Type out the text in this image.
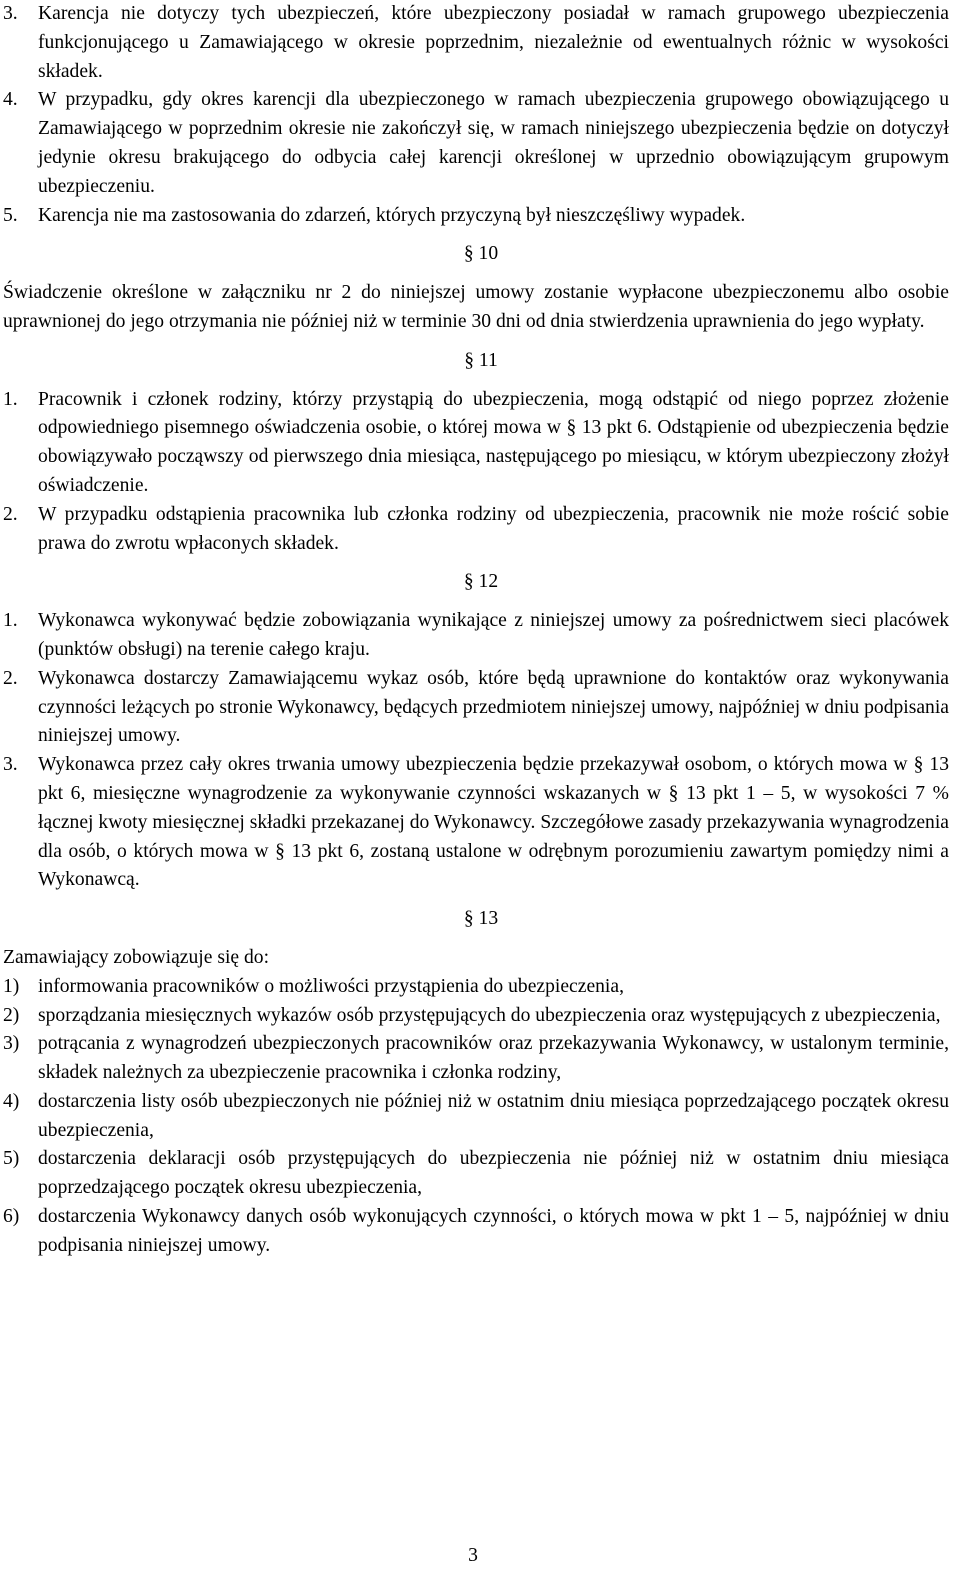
3.	Karencja nie dotyczy tych ubezpieczeń, które ubezpieczony posiadał w ramach grupowego ubezpieczenia funkcjonującego u Zamawiającego w okresie poprzednim, niezależnie od ewentualnych różnic w wysokości składek.
4.	W przypadku, gdy okres karencji dla ubezpieczonego w ramach ubezpieczenia grupowego obowiązującego u Zamawiającego w poprzednim okresie nie zakończył się, w ramach niniejszego ubezpieczenia będzie on dotyczył jedynie okresu brakującego do odbycia całej karencji określonej w uprzednio obowiązującym grupowym ubezpieczeniu.
5.	Karencja nie ma zastosowania do zdarzeń, których przyczyną był nieszczęśliwy wypadek.

§ 10

Świadczenie określone w załączniku nr 2 do niniejszej umowy zostanie wypłacone ubezpieczonemu albo osobie uprawnionej do jego otrzymania nie później niż w terminie 30 dni od dnia stwierdzenia uprawnienia do jego wypłaty.

§ 11

1.	Pracownik i członek rodziny, którzy przystąpią do ubezpieczenia, mogą odstąpić od niego poprzez złożenie odpowiedniego pisemnego oświadczenia osobie, o której mowa w § 13 pkt 6. Odstąpienie od ubezpieczenia będzie obowiązywało począwszy od pierwszego dnia miesiąca, następującego po miesiącu, w którym ubezpieczony złożył oświadczenie.
2.	W przypadku odstąpienia pracownika lub członka rodziny od ubezpieczenia, pracownik nie może rościć sobie prawa do zwrotu wpłaconych składek.

§ 12

1.	Wykonawca wykonywać będzie zobowiązania wynikające z niniejszej umowy za pośrednictwem sieci placówek (punktów obsługi) na terenie całego kraju.
2.	Wykonawca dostarczy Zamawiającemu wykaz osób, które będą uprawnione do kontaktów oraz wykonywania czynności leżących po stronie Wykonawcy, będących przedmiotem niniejszej umowy, najpóźniej w dniu podpisania niniejszej umowy.
3.	Wykonawca przez cały okres trwania umowy ubezpieczenia będzie przekazywał osobom, o których mowa w § 13 pkt 6, miesięczne wynagrodzenie za wykonywanie czynności wskazanych w § 13 pkt 1 – 5, w wysokości 7 % łącznej kwoty miesięcznej składki przekazanej do Wykonawcy. Szczegółowe zasady przekazywania wynagrodzenia dla osób, o których mowa w § 13 pkt 6, zostaną ustalone w odrębnym porozumieniu zawartym pomiędzy nimi a Wykonawcą.

§ 13

Zamawiający zobowiązuje się do:

1) informowania pracowników o możliwości przystąpienia do ubezpieczenia,
2) sporządzania miesięcznych wykazów osób przystępujących do ubezpieczenia oraz występujących z ubezpieczenia,
3) potrącania z wynagrodzeń ubezpieczonych pracowników oraz przekazywania Wykonawcy, w ustalonym terminie, składek należnych za ubezpieczenie pracownika i członka rodziny,
4) dostarczenia listy osób ubezpieczonych nie później niż w ostatnim dniu miesiąca poprzedzającego początek okresu ubezpieczenia,
5) dostarczenia deklaracji osób przystępujących do ubezpieczenia nie później niż w ostatnim dniu miesiąca poprzedzającego początek okresu ubezpieczenia,
6) dostarczenia Wykonawcy danych osób wykonujących czynności, o których mowa w pkt 1 – 5, najpóźniej w dniu podpisania niniejszej umowy.
3
